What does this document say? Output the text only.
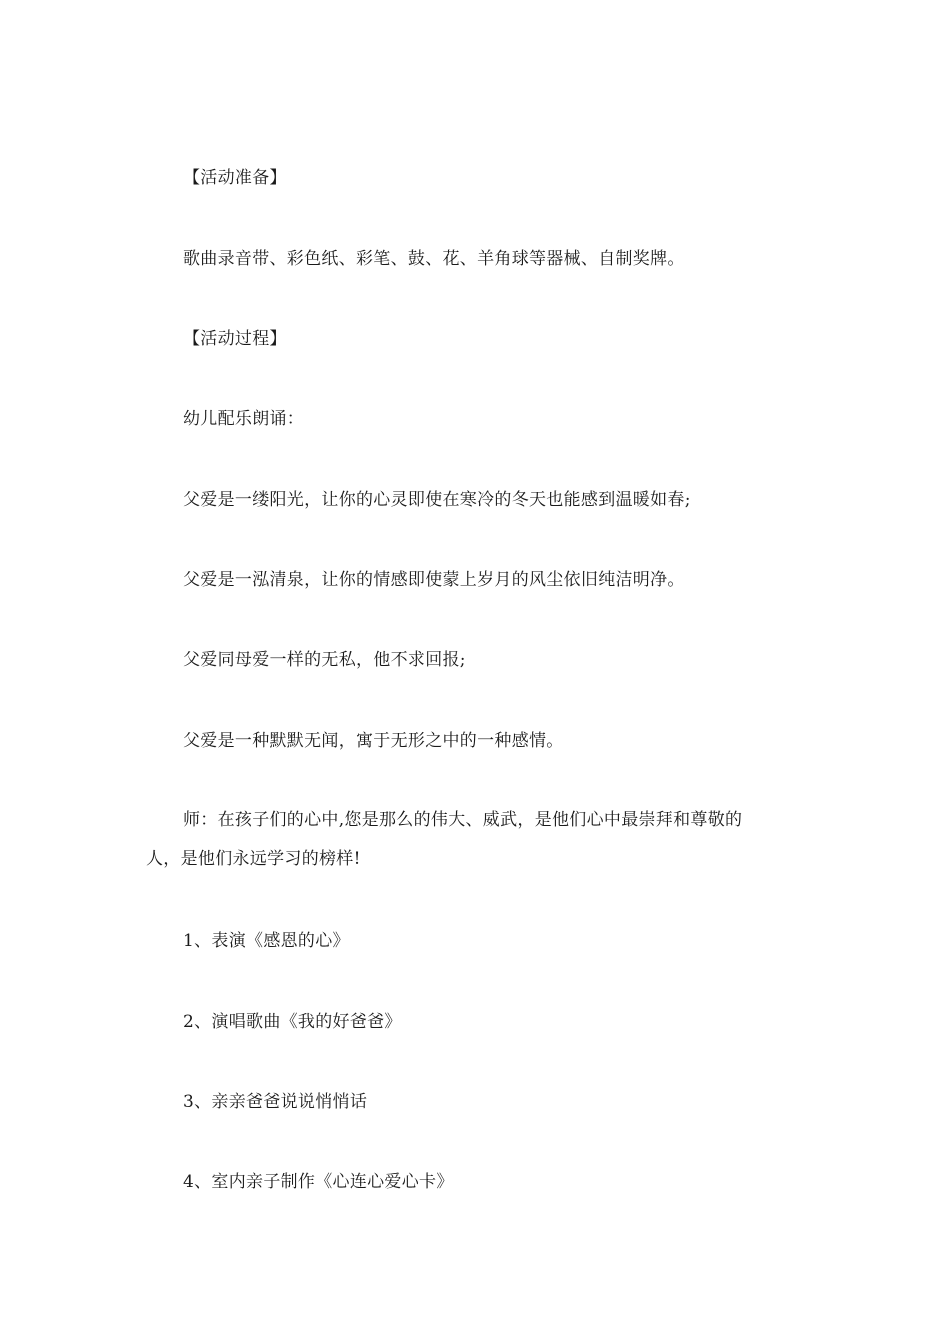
【活动准备】
歌曲录音带、彩色纸、彩笔、鼓、花、羊角球等器械、自制奖牌。
【活动过程】
幼儿配乐朗诵：
父爱是一缕阳光，让你的心灵即使在寒冷的冬天也能感到温暖如春;
父爱是一泓清泉，让你的情感即使蒙上岁月的风尘依旧纯洁明净。
父爱同母爱一样的无私，他不求回报;
父爱是一种默默无闻，寓于无形之中的一种感情。
师：在孩子们的心中,您是那么的伟大、威武，是他们心中最崇拜和尊敬的
人，是他们永远学习的榜样!
1、表演《感恩的心》
2、演唱歌曲《我的好爸爸》
3、亲亲爸爸说说悄悄话
4、室内亲子制作《心连心爱心卡》
